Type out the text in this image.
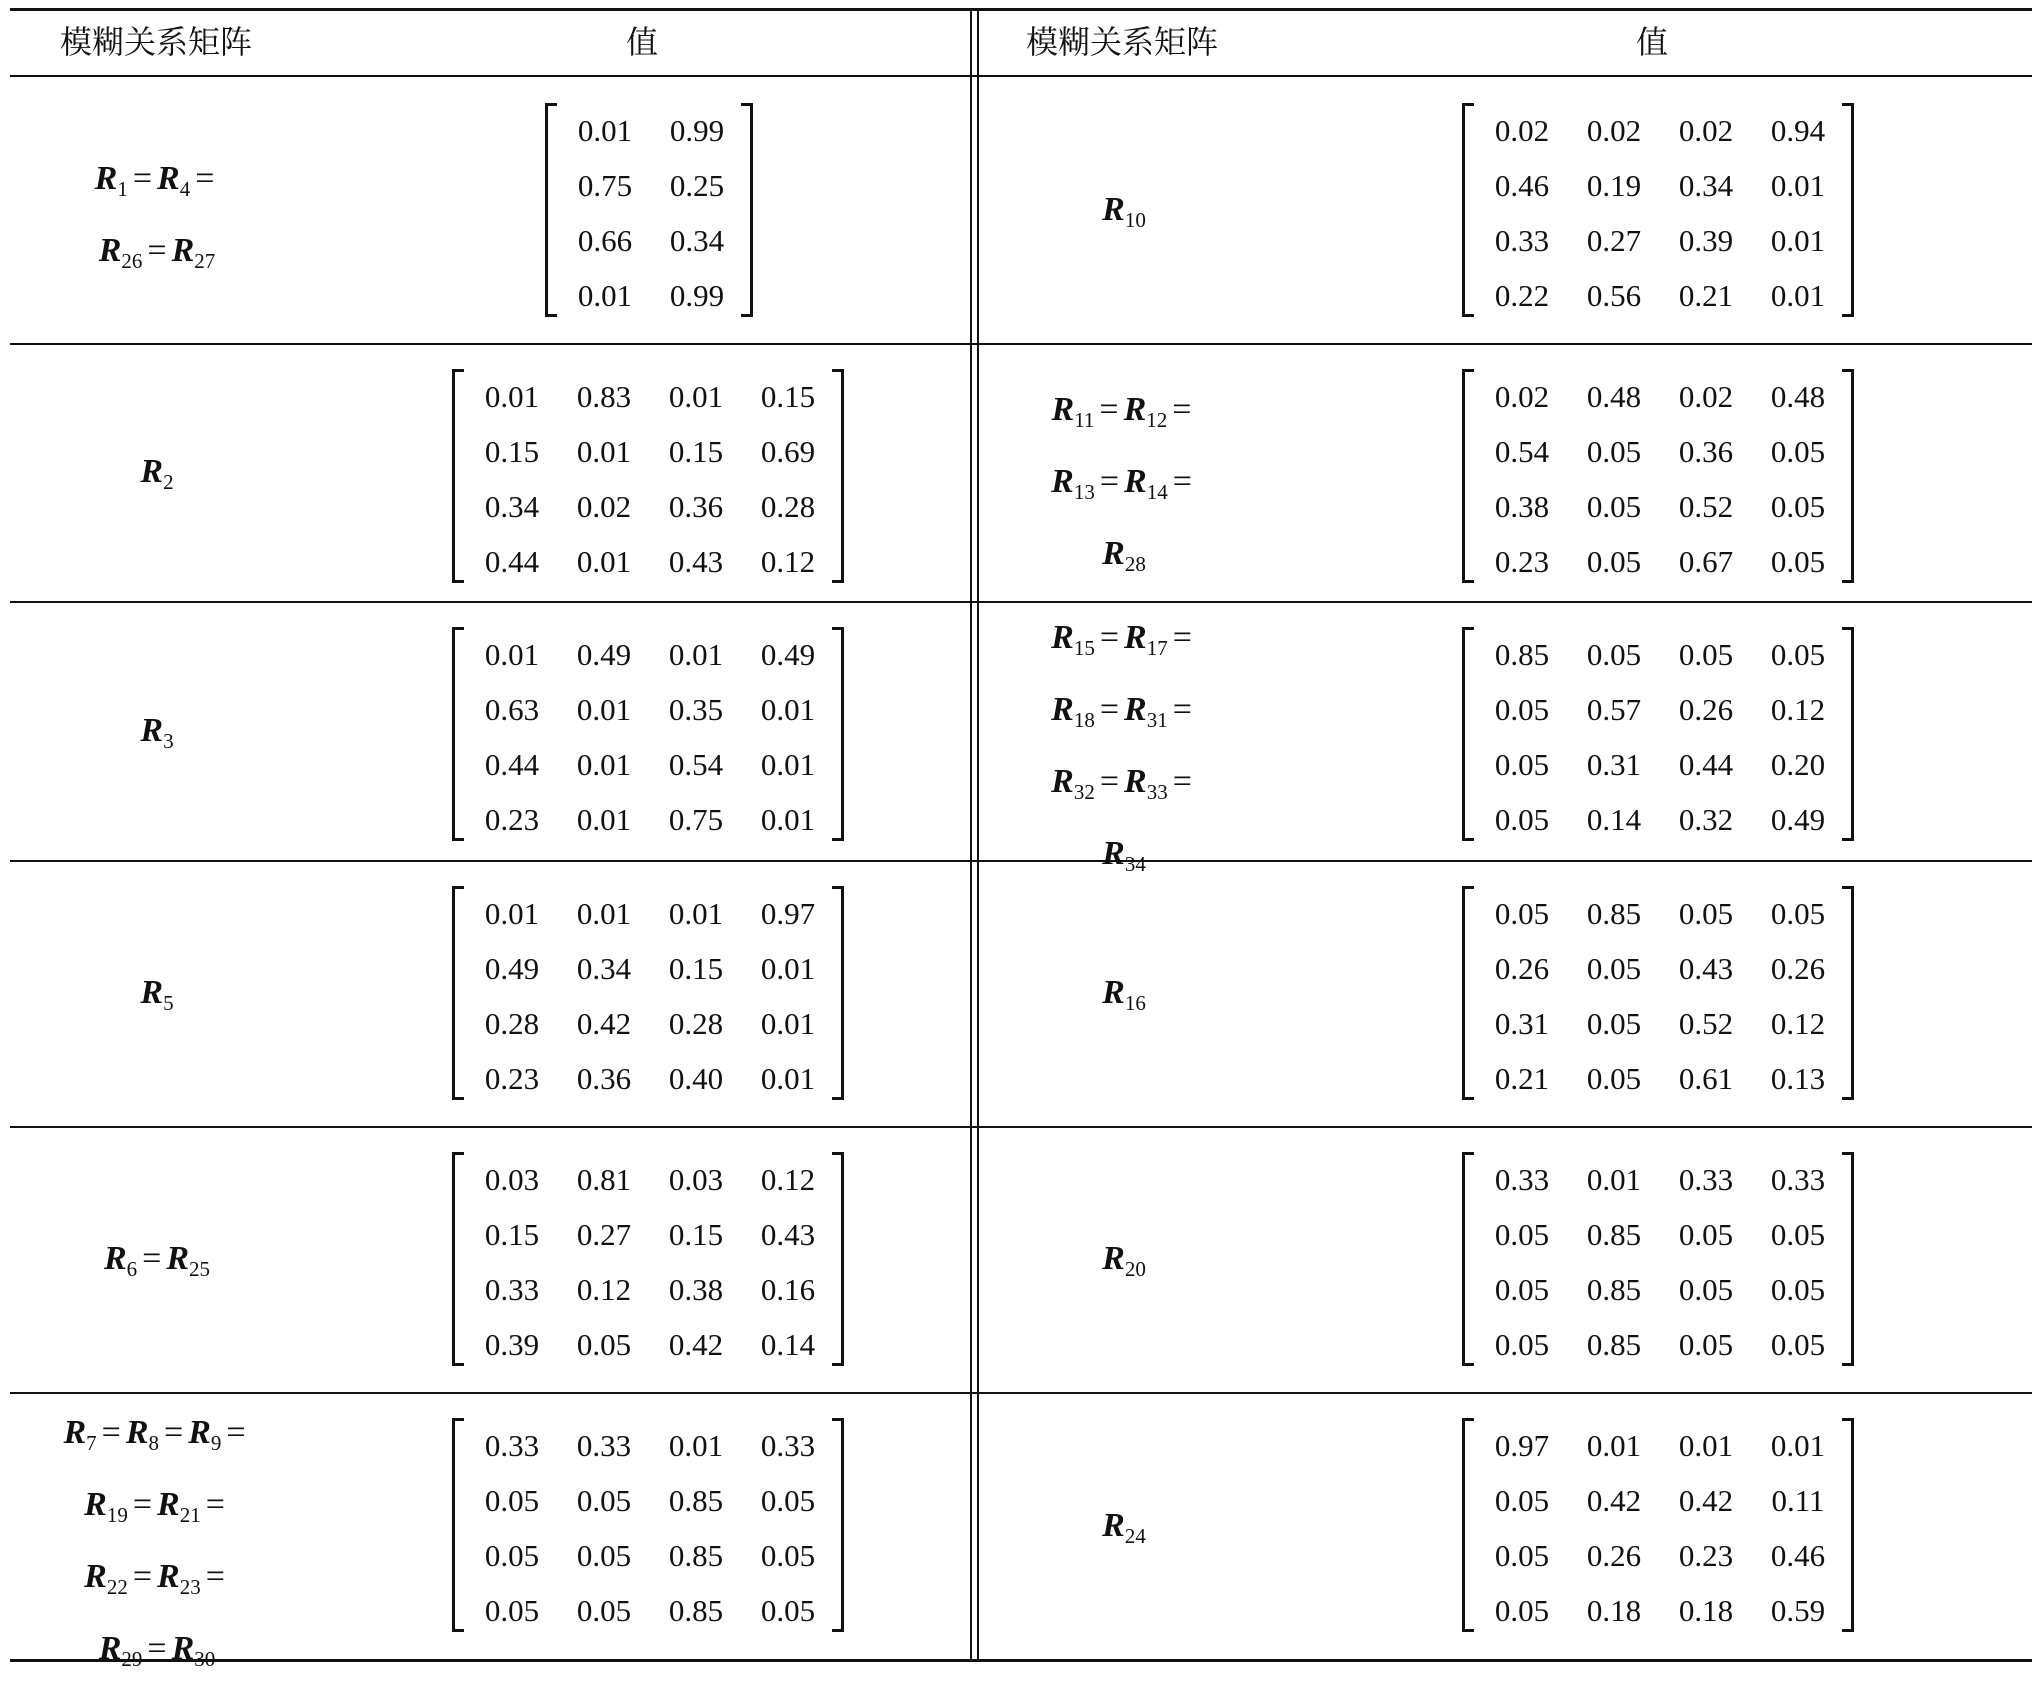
模糊关系矩阵	值	模糊关系矩阵	值
$R_1 = R_4$ =
$R_{26} = R_{27}$
0.01	0.99
0.75	0.25
0.66	0.34
0.01	0.99
$R_2$
0.01	0.83	0.01	0.15
0.15	0.01	0.15	0.69
0.34	0.02	0.36	0.28
0.44	0.01	0.43	0.12
$R_3$
0.01	0.49	0.01	0.49
0.63	0.01	0.35	0.01
0.44	0.01	0.54	0.01
0.23	0.01	0.75	0.01
$R_5$
0.01	0.01	0.01	0.97
0.49	0.34	0.15	0.01
0.28	0.42	0.28	0.01
0.23	0.36	0.40	0.01
$R_6 = R_{25}$
0.03	0.81	0.03	0.12
0.15	0.27	0.15	0.43
0.33	0.12	0.38	0.16
0.39	0.05	0.42	0.14
$R_7 = R_8 = R_9$ =
$R_{19} = R_{21}$ =
$R_{22} = R_{23}$ =
$R_{29} = R_{30}$
0.33	0.33	0.01	0.33
0.05	0.05	0.85	0.05
0.05	0.05	0.85	0.05
0.05	0.05	0.85	0.05
$R_{10}$
0.02	0.02	0.02	0.94
0.46	0.19	0.34	0.01
0.33	0.27	0.39	0.01
0.22	0.56	0.21	0.01
$R_{11} = R_{12}$ =
$R_{13} = R_{14}$ =
$R_{28}$
0.02	0.48	0.02	0.48
0.54	0.05	0.36	0.05
0.38	0.05	0.52	0.05
0.23	0.05	0.67	0.05
$R_{15} = R_{17}$ =
$R_{18} = R_{31}$ =
$R_{32} = R_{33}$ =
$R_{34}$
0.85	0.05	0.05	0.05
0.05	0.57	0.26	0.12
0.05	0.31	0.44	0.20
0.05	0.14	0.32	0.49
$R_{16}$
0.05	0.85	0.05	0.05
0.26	0.05	0.43	0.26
0.31	0.05	0.52	0.12
0.21	0.05	0.61	0.13
$R_{20}$
0.33	0.01	0.33	0.33
0.05	0.85	0.05	0.05
0.05	0.85	0.05	0.05
0.05	0.85	0.05	0.05
$R_{24}$
0.97	0.01	0.01	0.01
0.05	0.42	0.42	0.11
0.05	0.26	0.23	0.46
0.05	0.18	0.18	0.59
